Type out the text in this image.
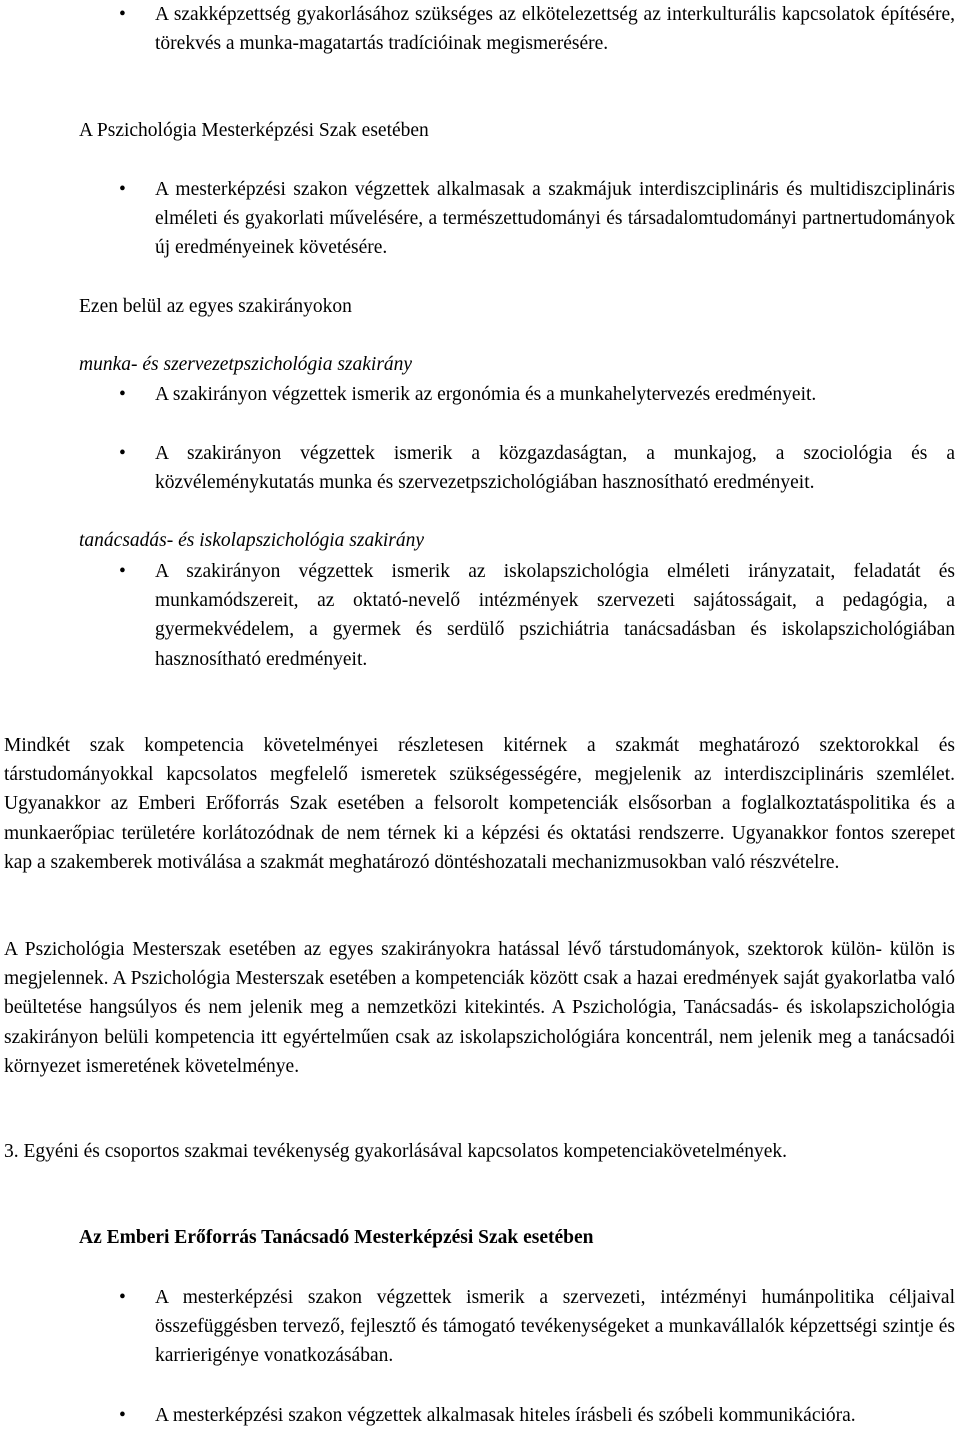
• A szakképzettség gyakorlásához szükséges az elkötelezettség az interkulturális kapcsolatok építésére, törekvés a munka-magatartás tradícióinak megismerésére.
A Pszichológia Mesterképzési Szak esetében
• A mesterképzési szakon végzettek alkalmasak a szakmájuk interdiszciplináris és multidiszciplináris elméleti és gyakorlati művelésére, a természettudományi és társadalomtudományi partnertudományok új eredményeinek követésére.
Ezen belül az egyes szakirányokon
munka- és szervezetpszichológia szakirány
• A szakirányon végzettek ismerik az ergonómia és a munkahelytervezés eredményeit.
• A szakirányon végzettek ismerik a közgazdaságtan, a munkajog, a szociológia és a közvéleménykutatás munka és szervezetpszichológiában hasznosítható eredményeit.
tanácsadás- és iskolapszichológia szakirány
• A szakirányon végzettek ismerik az iskolapszichológia elméleti irányzatait, feladatát és munkamódszereit, az oktató-nevelő intézmények szervezeti sajátosságait, a pedagógia, a gyermekvédelem, a gyermek és serdülő pszichiátria tanácsadásban és iskolapszichológiában hasznosítható eredményeit.

Mindkét szak kompetencia követelményei részletesen kitérnek a szakmát meghatározó szektorokkal és társtudományokkal kapcsolatos megfelelő ismeretek szükségességére, megjelenik az interdiszciplináris szemlélet. Ugyanakkor az Emberi Erőforrás Szak esetében a felsorolt kompetenciák elsősorban a foglalkoztatáspolitika és a munkaerőpiac területére korlátozódnak de nem térnek ki a képzési és oktatási rendszerre. Ugyanakkor fontos szerepet kap a szakemberek motiválása a szakmát meghatározó döntéshozatali mechanizmusokban való részvételre.

A Pszichológia Mesterszak esetében az egyes szakirányokra hatással lévő társtudományok, szektorok külön- külön is megjelennek. A Pszichológia Mesterszak esetében a kompetenciák között csak a hazai eredmények saját gyakorlatba való beültetése hangsúlyos és nem jelenik meg a nemzetközi kitekintés. A Pszichológia, Tanácsadás- és iskolapszichológia szakirányon belüli kompetencia itt egyértelműen csak az iskolapszichológiára koncentrál, nem jelenik meg a tanácsadói környezet ismeretének követelménye.

3. Egyéni és csoportos szakmai tevékenység gyakorlásával kapcsolatos kompetenciakövetelmények.

Az Emberi Erőforrás Tanácsadó Mesterképzési Szak esetében
• A mesterképzési szakon végzettek ismerik a szervezeti, intézményi humánpolitika céljaival összefüggésben tervező, fejlesztő és támogató tevékenységeket a munkavállalók képzettségi szintje és karrierigénye vonatkozásában.
• A mesterképzési szakon végzettek alkalmasak hiteles írásbeli és szóbeli kommunikációra.
